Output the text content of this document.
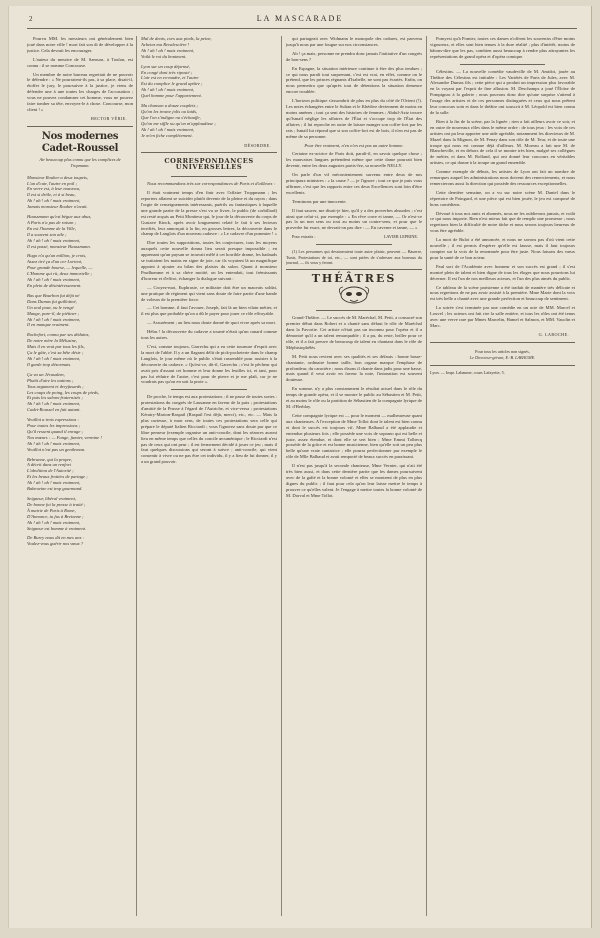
2	LA MASCARADE

Pourvu MM. les messieurs ont généralement bien joué dans notre ville ! mort fait son di de développer à la justice. Cela devrait les encourager.

L'auteur du meurtre de M. Samson, à Toulon, est connu : il se nomme Concourse.

Un membre de notre barreau regrettait de ne pouvoir le défendre : « Ne pourraient-ils pas, à sa place, disait-il, étoffer le jury, le poursuivre à la justice, je viens de défendre une à une toutes les charges de l'accusation ; vous ne pouvez condamner cet homme, vous ne pouvez faire tomber sa tête, envoyez-le à chose. Concourse, mon client ! »

HECTOR VÉRIE.
Nos modernes Cadet-Roussel
Air beaucoup plus connu que les complices de Tropmann.
Monsieur Rouher a deux toupets,
L'un d'cuir, l'autre en poil ;
En verre est, à leur nouveau,
Il est si drôle, et à si beau,
Ah ! ah ! ah ! mais vraiment,
Jamais monsieur Rouher n'avait.
Haussmann qu'est bègue aux abus,
A Paris n'a pas de raison ;
En est l'homme de la Ville,
Il a souvent son aile ;
Ah ! ah ! ah ! mais vraiment,
Il est passé, monsieur Haussmann.
Hugo n'a qu'un million, je crois,
Assez tiré ça d'un cer Lorient,
Pour grande bourse, — lequelle, —
L'Homme qui rit, deux immortelle ;
Ah ! ah ! ah ! mais vraiment,
En plein de désintéressement.
Bas que Bourbon fut déjà né
Dans Dumas fut guillotiné,
Un seul pour, ou le vengé
Mange, pare-il, de piétiner ;
Ah ! ah ! ah ! mais vraiment,
Il en manque vraiment.
Rochefort, connu par ses dédains,
De notre mère la Mélusine,
Mais il en veut par tous les fils,
Ça le gâte, c'est sa bête désir ;
Ah ! ah ! ah ! mais vraiment,
Il garde trop désormais.
Ça va un Jérusalem,
Plutôt d'aire les nations ;
Tous argument et dreyfusards ;
Les coups de poing, les coups de pieds,
Et puis les salons-fraternisés ;
Ah ! ah ! ah ! mais vraiment,
Cadet-Roussel en fait autant.
Veuillot a trois expressions :
Pour toutes les impressions ;
Qu'il ressent quand il enrage ;
Nos mœurs : — Fange, fumier, vermine !
Ah ! ah ! ah ! mais vraiment,
Veuillot n'est pas un gentleman.
Bebrunne, qui la propre,
A décrit dans un renfort
L'abolition de l'Autorité ;
Et les beaux frottées de partage ;
Ah ! ah ! ah ! mais vraiment,
Babeuvine est trop gourmand.
Seigneur, libéral vraiment,
De bonne foi la presse à traité ;
À mairie de Paris à Rome,
D'Annonce, tu fus à Bretonne ;
Ah ! ah ! ah ! mais vraiment,
Seigneur est homme à vraiment.
De Burry nous dit en mes ans :
Voulez-vous guérir nos vœux ?
Mal de dents, cors aux pieds, la peine,
Achetez ma Revalescière !
Ah ! ah ! ah ! mais vraiment,
Voilà le roi du boniment.
Lyon sur un coup dépensé,
En congé dont très riposté ;
L'air est en ex-madre, et l'autre
Est du complice le grand apôtre ;
Ah ! ah ! ah ! mais vraiment,
Quel homme pour l'appartement.
Ma chanson a douze couplets ;
Qu'on les trouve jolis ou laids,
Que l'on s'indigne ou s'échauffe,
Qu'on me siffle ou qu'on m'applaudisse ;
Ah ! ah ! ah ! mais vraiment,
Je m'en fiche complètement.
DÉSORDRE.
CORRESPONDANCES UNIVERSELLES

Nous recommandons très sur correspondances de Paris et d'ailleurs :

Il était vraiment temps d'en finir avec l'affaire Troppmann ; les reporters allaient se suicider plutôt devenir de la pleine et du rayon ; dans l'orgie de renseignements intéressants, puérils ou fantastiques à laquelle une grande partie de la presse s'est vu se livrer, le public (de corbillard) est resté acquis au Petit Moniteur qui, le jour de la découverte du corps de Gustave Kinck, après avoir longuement relaté le fait à ses lecteurs terrifiés, leur annonçait à la fin, en grosses lettres, la découverte dans le champ de Langlois d'un nouveau cadavre : « Le cadavre d'un pommier ! »

Dire toutes les suppositions, toutes les conjectures, tous les moyens auxquels cette nouvelle donna lieu serait presque impossible ; en apprenant qu'un paysan se trouvait mêlé à cet horrible drame, les badauds se traitaient les mains en signe de joie, car ils voyaient là un magnifique appoint à ajouter au bilan des plaisirs du salon. Quant à monsieur Prudhomme et à sa chère moitié, on les entendait, tout frémissants d'horreur et d'effroi, échanger la dialogue suivant :

— Croyez-moi, Euphrasie, ce militaire doit être un mauvais soldat, une pratique de régiment qui vient sans doute de faire partie d'une bande de voleurs de la première force.

— Cet homme, il faut l'avouer, Joseph, fait là un bien vilain métier, et il est plus que probable qu'on a dû le payer pour jouer ce rôle effroyable.

— Assurément ; au lieu nous doute donné de quoi vivre après sa mort.

Hélas ! la découverte du cadavre a tourné n'était qu'un canard comme tous les autres.

C'est, comme toujours, Garrechu qui a eu cette tournure d'esprit avec la mort de l'abbé. Il y a un flagrant délit de pick-pocketerie dans le champ Langlois, le jour même où le public s'était rassemblé pour assister à la découverte du cadavre. « Qu'est-ce, dit-il, Garrechu ; c'est le pêcheur qui avait pris d'assaut cet homme et leur donne les feuilles ici, et tant, pour pas lui réduire de l'autre, c'est pour de pierre et je me plaît, car je ne voudrais pas qu'on en soit la proie ».

De proche, le temps est aux protestations ; il ne passe de toutes sortes : protestations du congrès de Lausanne en faveur de la paix ; protestations d'amitié de la Prusse à l'égard de l'Autriche, et vice-versa ; protestations Kératry-Marion-Raspail (Raspail l'est déjà, merci), etc., etc. — Mais la plus curieuse, à mon sens, de toutes ces protestations sera celle qui prépare le député Italien Ricciardi ; vous l'ignorez sans doute par que ce libre penseur (exemple organise un anti-concile, dont les séances auront lieu en même temps que celles du concile œcuménique ; le Ricciardi n'est pas de ceux qui ont peur ; il est fermement décidé à jouer ce jeu ; mais il faut quelques discussions qui seront à suivre ; anti-concile, qui vient consentir à vivre ou ne pas être cet individu, il y a lieu de lui donner, il y a un grand pouvoir.

qui partageait avec Widmann le monopole des ordures, est parvenu jusqu'à nous par une fougue sur nos circonstances.

Ah ! ça mais, personne ne prendra donc jamais l'initiative d'un congrès de bon-sens ?

En Espagne, la situation intérieure continue à être des plus tendues ; ce qui nous paraît tout surprenant, c'est est vrai, en effet, comme on le prétend, que les princes régnants d'Isabelle, ne sont pas écartés. Enfin, on nous permettra que qu'après tout de détentions la situation demeure encore troublée.

L'horizon politique s'assombrit de plus en plus du côté de l'Orient (!). Les notes échangées entre le Sultan et le Khédive deviennent de moins en moins amènes ; tout ça sent des histoires de femmes ; Abdul-Aziz trouve qu'Ismaïl néglige les affaires de l'État et s'occupe trop de l'État des affaires ; il lui reproche en outre de laisser manger son coffre-fort par les rats ; Ismaïl lui répond que si son coffre-fort est de bois, il n'en est pas de même de sa personne.

Pour être vraiment, n'en n'en est pas un autre homme.

Certaine ex-actrice de Paris doit, paraît-il, en savoir quelque chose ; les mauvaises langues prétendent même que cette dame pourrait bien devenir, entre les deux augustes partis-fez, sa nouvelle NELLY.

On parle d'un vif mécontentement survenu entre deux de nos principaux ministres : « la cause ? — je l'ignore ; tout ce que je puis vous affirmer, c'est que les rapports entre ces deux Excellences sont loin d'être excellents.

Terminons par une innocente.

Il faut sauver, me disait-je hier, qu'il y a des proverbes absurdes ; c'est ainsi que celui-ci, par exemple : « En rêve corre et tanne, — Or n'est-ce pas la un non sens ou tout au moins un contre-sens, et pour que le proverbe fut exact, ne devrait-on pas dire : — En caverne et tanne, — »

Pour extraits :	LAVIER LEPRINE.

(1) Les personnes qui dessineraient toute autre plaisir, peuvent — Bauerre, Tunis, Protestations de toi, etc., — sont priées de s'adresser aux bureaux du journal, — ils vous y feront.

THÉÂTRES

Grand-Théâtre. — Le succès de M. Maréchal, M. Petit, a consacré son premier début dans Robert et a chanté sans défaut le rôle de Maréchal dans la Favorite. Cet artiste n'était pas un inconnu pour l'opéra et il a démontré qu'il a un talent remarquable ; il a pu, du reste, briller pour ce rôle, et il a fait preuve de beaucoup de talent en chantant dans le rôle de Méphistophélès.

M. Petit nous revient avec ses qualités et ses défauts : bonne basse-chantante, ordinaire bonne taille, bon organe marque l'emphase de profondeur, du caractère ; nous disons il chante dans jadis pour une basse, mais quand il veut avoir en faveur la note, l'intonation est souvent douteuse.

En somme, n'y a plus constamment le résultat actuel dans le rôle du temps de grande opéra, et il se montre le public au Sébastien et M. Petit, et au moins le rôle ou la partition de Sébastien de la compagnie lyrique de M. d'Herblay.

Cette compagnie lyrique est — pour le moment — malheureuse quant aux chanteuses. A l'exception de Mme Tollot dont le talent est bien connu et dont le succès est toujours vif, Mme Balbaud a été applaudie et entendue plusieurs fois ; elle possède une voix de soprano qui est belle et juste, assez étendue, et dont elle se sert bien ; Mme Emmi Tolbecq possède de la grâce et est bonne musicienne, bien qu'elle soit un peu plus belle qu'une vraie cantatrice ; elle pourra perfectionner par exemple le rôle de Mlle Balbaud et avait remporté de beaux succès en paraissant.

Il n'est pas jusqu'à la seconde chanteuse, Mme Vernier, qui n'ait été très bien aussi, et dans cette dernière partie que les dames poursuivent avec de la gaîté et la bonne volonté et elles se montrent de plus en plus dignes du public ; il faut pour cela qu'on leur laisse mettre le temps à prouver ce qu'elles valent. Je l'engage à mettre toutes la bonne volonté de M. Dorval et Mme Tollot.

Pomyesi qu'à Pomier, toutes ces dames n'offrent les souvenirs d'être moins vigoureux, et elles sont bien tenues à la dure réalité ; plus d'intérêt, moins de bâtons-dire que les pas, combien aussi beaucoup à rendre plus attrayantes les représentations de grand opéra et d'opéra comique.

Célestins. — La nouvelle comédie vaudeville de M. Amidot, jouée au Théâtre des Célestins est intitulée : Les Variétés de Paris de Jules, avec M. Alexandre Dumas fils ; cette pièce qui a produit un impression plus favorable en la voyant par l'esprit de fine allusion. M. Deschamps a joué l'Éloïse de Pompignac à la galerie ; nous pouvons donc dire qu'une surprise s'attend à l'usage des artistes et de ces personnes distinguées et ceux qui nous prêtent leur concours soin et dans le théâtre ont souscrit à M. Léopold est bien connu de la salle.

Rien à la fin de la scène, par la lignée ; rien a fait ailleurs avoir ce soir, et en outre de nouveaux rôles dans le même ordre : de tous jeux : les voix de ces artistes ont pu leur apporter une aide agréable, notamment les directeurs de M. Mazel dans la Mignon, de M. Fenay dans son rôle de M. Teur, et de toute une troupe qui nous est connue déjà d'ailleurs. M. Moreau a fait une M. de Blancheville, et en dehors de cela il se montre très bien, malgré ses collègues de métier, et dans M. Rolland, qui ont donné leur concours en véritables artistes, ce qui donne à la troupe un grand ensemble.

Comme exemple de débuts, les artistes de Lyon ont fait un nombre de remarques auquel les administrations nous doivent des remerciements, et nous remercierons aussi la direction qui possède des ressources exceptionnelles.

Cette dernière semaine, on a vu sur notre scène M. Daniel dans le répertoire de Poingard, et une pièce qui est bien jouée, le jeu est composé de bons comédiens.

Dévoué à tous nos amis et abonnés, nous ne les oublierons jamais, et voilà ce qui nous importe. Rien n'est mieux fait que de remplir une promesse ; nous regrettons bien la difficulté de notre tâche et nous serons toujours heureux de vous être agréable.

La mort de Bulot a été annoncée, et nous ne savons pas d'où vient cette nouvelle ; il est permis d'espérer qu'elle est fausse, mais il faut toujours compter sur la voix de la renommée pour être juste. Nous faisons des vœux pour la santé de ce bon acteur.

Paul sort de l'Académie avec honneur et son succès est grand ; il s'est montré plein de talent et bien digne de tous les éloges que nous pourrions lui décerner. Il est l'un de nos meilleurs acteurs, et l'un des plus aimés du public.

Ce tableau de la scène parisienne a été traduit de manière très délicate et nous regrettons de ne pas avoir assisté à la première. Mme Marie dont la voix est très belle a chanté avec une grande perfection et beaucoup de sentiment.

La soirée s'est terminée par une comédie en un acte de MM. Marcel et Louvel ; les acteurs ont fait rire la salle entière, et tous les rôles ont été tenus avec une verve rare par Mmes Marcelin, Hamel et Salmon, et MM. Vauclin et Marc.

G. LAROCHE.
Pour tous les articles non signés,
Le Directeur-gérant, E.-B. LABAUME.
Lyon. — Impr. Labaume, cours Lafayette, 5.
